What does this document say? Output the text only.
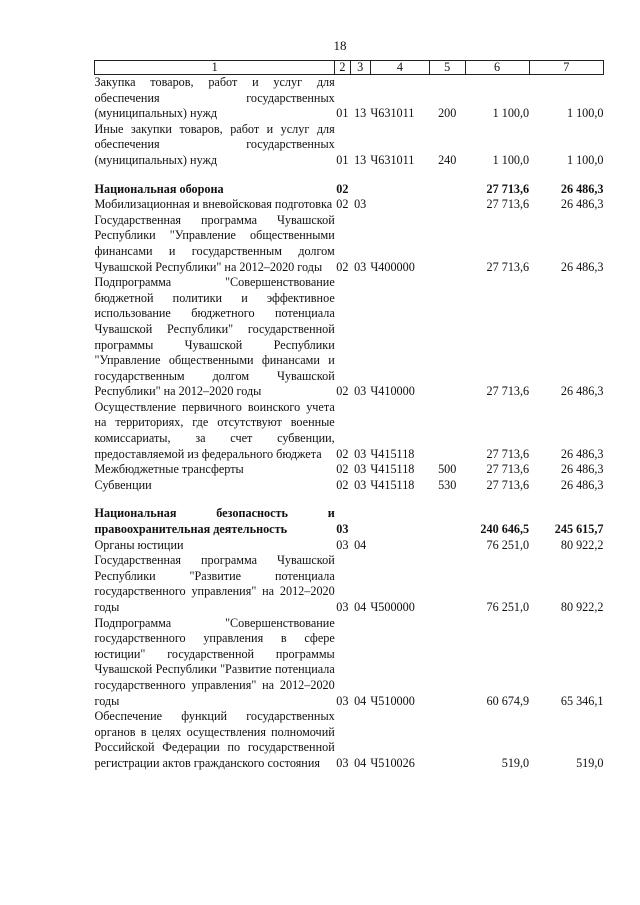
18
1	2	3	4	5	6	7
Закупка товаров, работ и услуг для обеспечения государственных (муниципальных) нужд	01	13	Ч631011	200	1 100,0	1 100,0
Иные закупки товаров, работ и услуг для обеспечения государственных (муниципальных) нужд	01	13	Ч631011	240	1 100,0	1 100,0

Национальная оборона	02				27 713,6	26 486,3
Мобилизационная и вневойсковая подготовка	02	03			27 713,6	26 486,3
Государственная программа Чувашской Республики "Управление общественными финансами и государственным долгом Чувашской Республики" на 2012–2020 годы	02	03	Ч400000		27 713,6	26 486,3
Подпрограмма "Совершенствование бюджетной политики и эффективное использование бюджетного потенциала Чувашской Республики" государственной программы Чувашской Республики "Управление общественными финансами и государственным долгом Чувашской Республики" на 2012–2020 годы	02	03	Ч410000		27 713,6	26 486,3
Осуществление первичного воинского учета на территориях, где отсутствуют военные комиссариаты, за счет субвенции, предоставляемой из федерального бюджета	02	03	Ч415118		27 713,6	26 486,3
Межбюджетные трансферты	02	03	Ч415118	500	27 713,6	26 486,3
Субвенции	02	03	Ч415118	530	27 713,6	26 486,3

Национальная безопасность и правоохранительная деятельность	03				240 646,5	245 615,7
Органы юстиции	03	04			76 251,0	80 922,2
Государственная программа Чувашской Республики "Развитие потенциала государственного управления" на 2012–2020 годы	03	04	Ч500000		76 251,0	80 922,2
Подпрограмма "Совершенствование государственного управления в сфере юстиции" государственной программы Чувашской Республики "Развитие потенциала государственного управления" на 2012–2020 годы	03	04	Ч510000		60 674,9	65 346,1
Обеспечение функций государственных органов в целях осуществления полномочий Российской Федерации по государственной регистрации актов гражданского состояния	03	04	Ч510026		519,0	519,0
